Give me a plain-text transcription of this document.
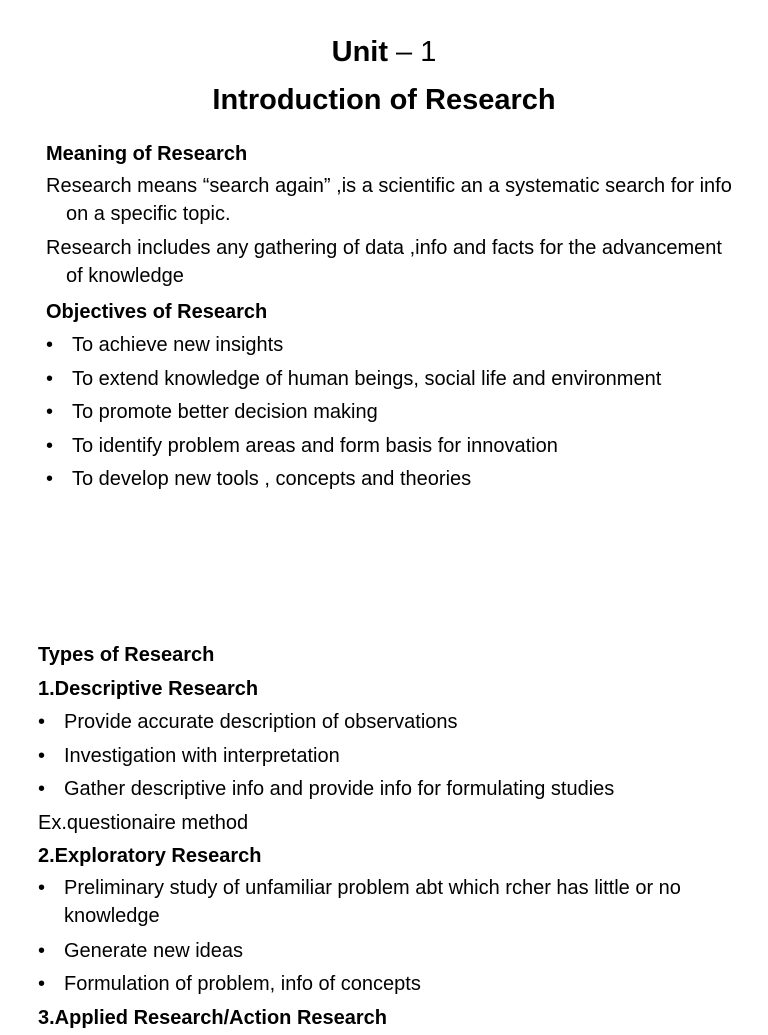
Unit – 1
Introduction of Research
Meaning of Research
Research means “search again” ,is a scientific an a systematic search for info on a specific topic.
Research includes any gathering of data ,info and facts for the advancement of knowledge
Objectives of Research
• To achieve new insights
• To extend knowledge of human beings, social life and environment
• To promote better decision making
• To identify problem areas and form basis for innovation
• To develop new tools , concepts and theories
Types of Research
1.Descriptive Research
• Provide accurate description of observations
• Investigation with interpretation
• Gather descriptive info and provide info for formulating studies
Ex.questionaire method
2.Exploratory Research
• Preliminary study of unfamiliar problem abt which rcher has little or no knowledge
• Generate new ideas
• Formulation of problem, info of concepts
3.Applied Research/Action Research
